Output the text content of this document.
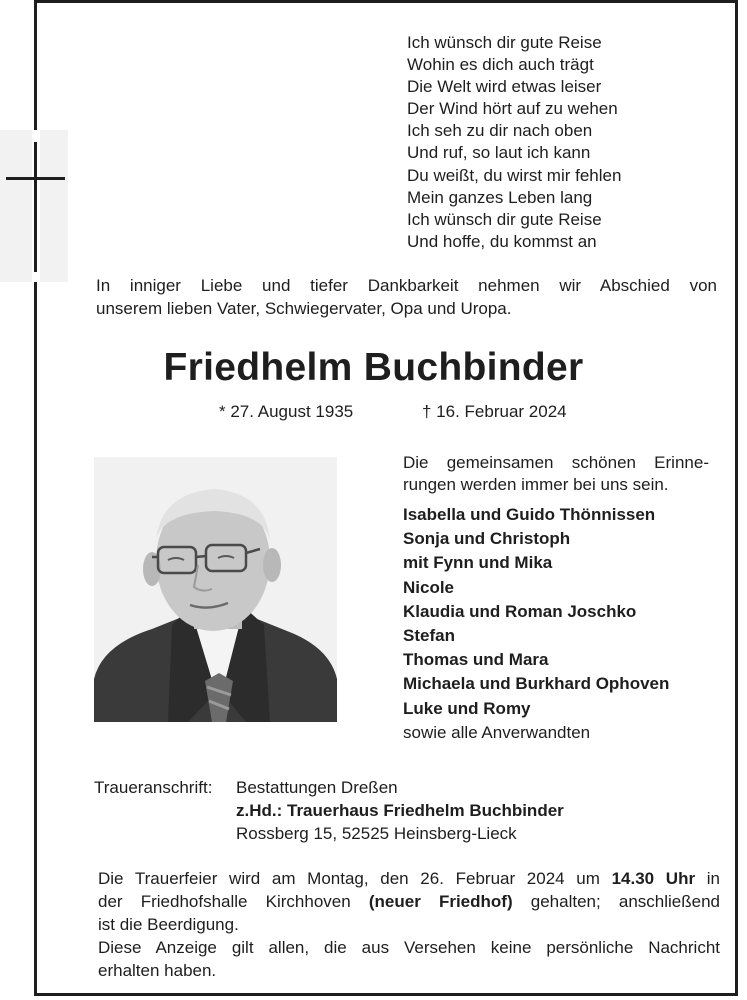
Ich wünsch dir gute Reise
Wohin es dich auch trägt
Die Welt wird etwas leiser
Der Wind hört auf zu wehen
Ich seh zu dir nach oben
Und ruf, so laut ich kann
Du weißt, du wirst mir fehlen
Mein ganzes Leben lang
Ich wünsch dir gute Reise
Und hoffe, du kommst an
In inniger Liebe und tiefer Dankbarkeit nehmen wir Abschied von
unserem lieben Vater, Schwiegervater, Opa und Uropa.
Friedhelm Buchbinder
* 27. August 1935	† 16. Februar 2024
Die gemeinsamen schönen Erinne-
rungen werden immer bei uns sein.
Isabella und Guido Thönnissen
Sonja und Christoph
mit Fynn und Mika
Nicole
Klaudia und Roman Joschko
Stefan
Thomas und Mara
Michaela und Burkhard Ophoven
Luke und Romy
sowie alle Anverwandten
Traueranschrift: Bestattungen Dreßen
z.Hd.: Trauerhaus Friedhelm Buchbinder
Rossberg 15, 52525 Heinsberg-Lieck
Die Trauerfeier wird am Montag, den 26. Februar 2024 um 14.30 Uhr in
der Friedhofshalle Kirchhoven (neuer Friedhof) gehalten; anschließend
ist die Beerdigung.
Diese Anzeige gilt allen, die aus Versehen keine persönliche Nachricht
erhalten haben.
